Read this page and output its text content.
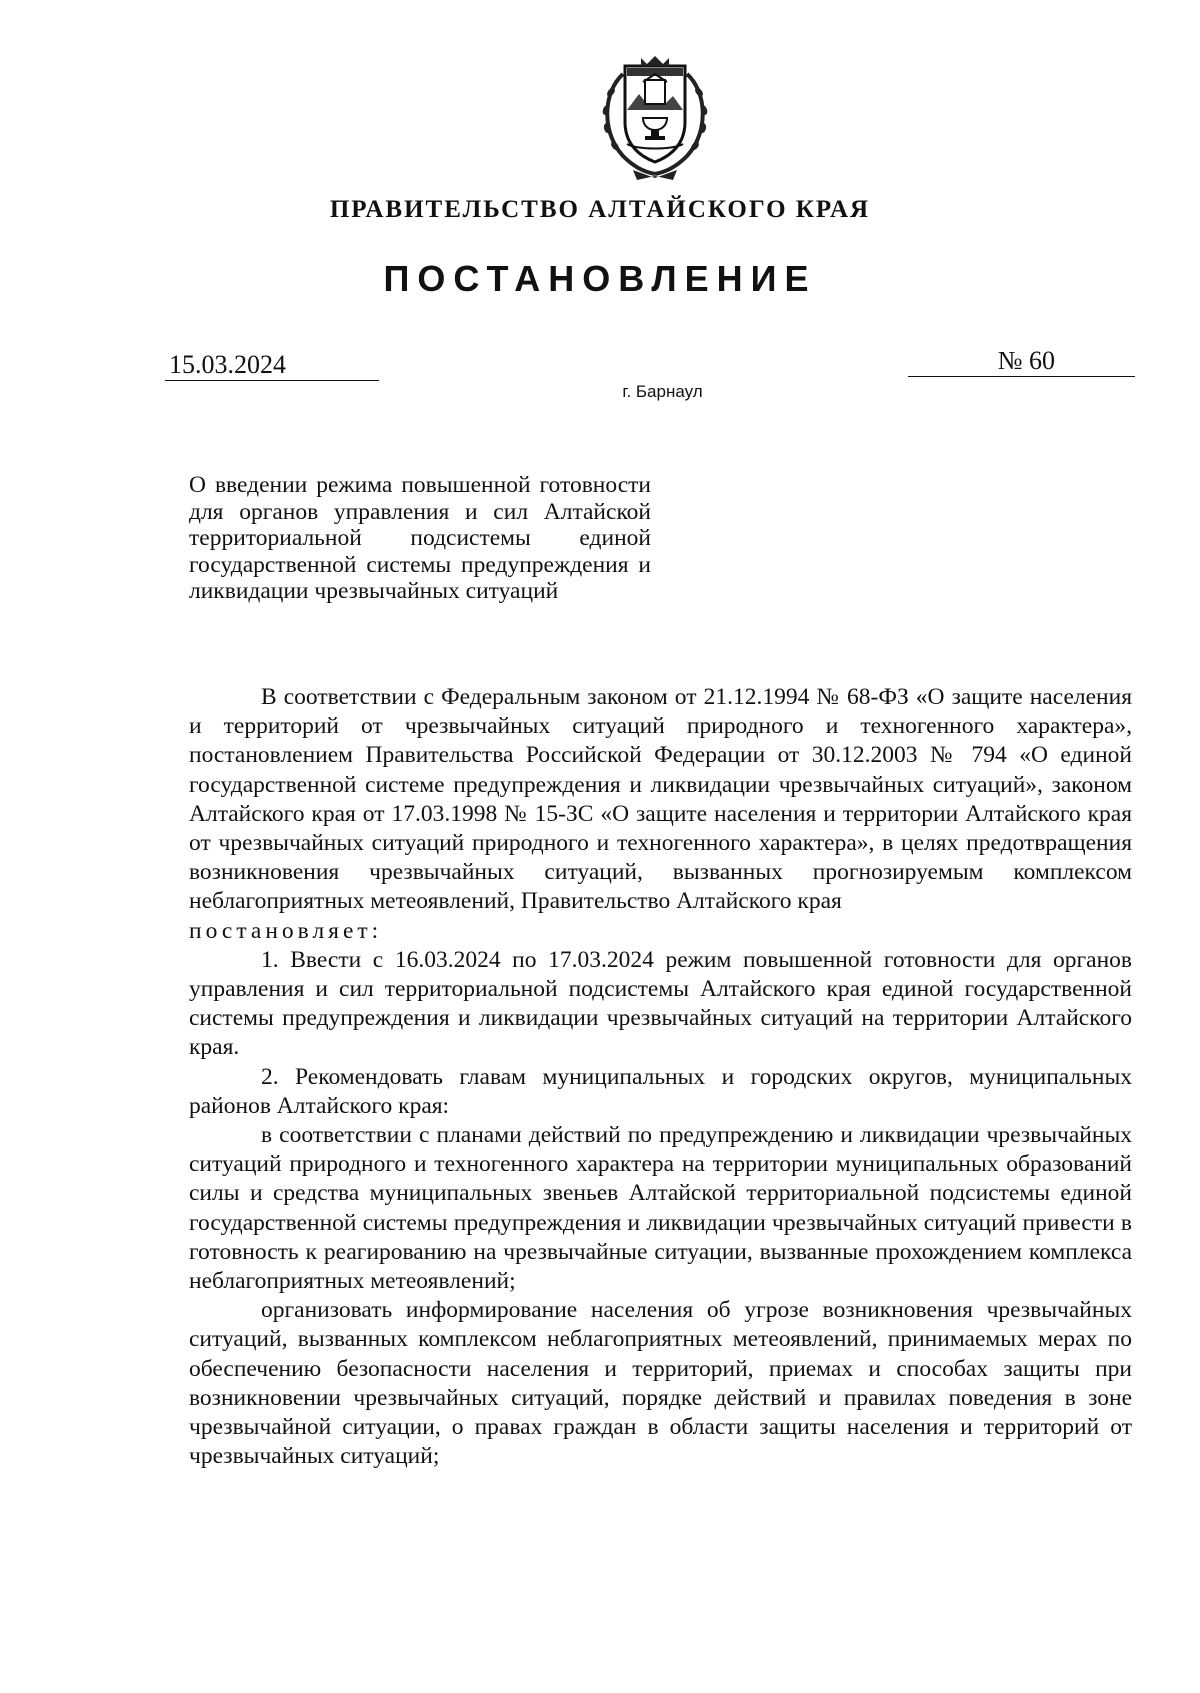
ПРАВИТЕЛЬСТВО АЛТАЙСКОГО КРАЯ
ПОСТАНОВЛЕНИЕ
15.03.2024	№ 60
г. Барнаул
О введении режима повышенной готовности для органов управления и сил Алтайской территориальной подсистемы единой государственной системы предупреждения и ликвидации чрезвычайных ситуаций

В соответствии с Федеральным законом от 21.12.1994 № 68-ФЗ «О защите населения и территорий от чрезвычайных ситуаций природного и техногенного характера», постановлением Правительства Российской Федерации от 30.12.2003 № 794 «О единой государственной системе предупреждения и ликвидации чрезвычайных ситуаций», законом Алтайского края от 17.03.1998 № 15-ЗС «О защите населения и территории Алтайского края от чрезвычайных ситуаций природного и техногенного характера», в целях предотвращения возникновения чрезвычайных ситуаций, вызванных прогнозируемым комплексом неблагоприятных метеоявлений, Правительство Алтайского края

постановляет:

1. Ввести с 16.03.2024 по 17.03.2024 режим повышенной готовности для органов управления и сил территориальной подсистемы Алтайского края единой государственной системы предупреждения и ликвидации чрезвычайных ситуаций на территории Алтайского края.

2. Рекомендовать главам муниципальных и городских округов, муниципальных районов Алтайского края:

в соответствии с планами действий по предупреждению и ликвидации чрезвычайных ситуаций природного и техногенного характера на территории муниципальных образований силы и средства муниципальных звеньев Алтайской территориальной подсистемы единой государственной системы предупреждения и ликвидации чрезвычайных ситуаций привести в готовность к реагированию на чрезвычайные ситуации, вызванные прохождением комплекса неблагоприятных метеоявлений;

организовать информирование населения об угрозе возникновения чрезвычайных ситуаций, вызванных комплексом неблагоприятных метеоявлений, принимаемых мерах по обеспечению безопасности населения и территорий, приемах и способах защиты при возникновении чрезвычайных ситуаций, порядке действий и правилах поведения в зоне чрезвычайной ситуации, о правах граждан в области защиты населения и территорий от чрезвычайных ситуаций;
